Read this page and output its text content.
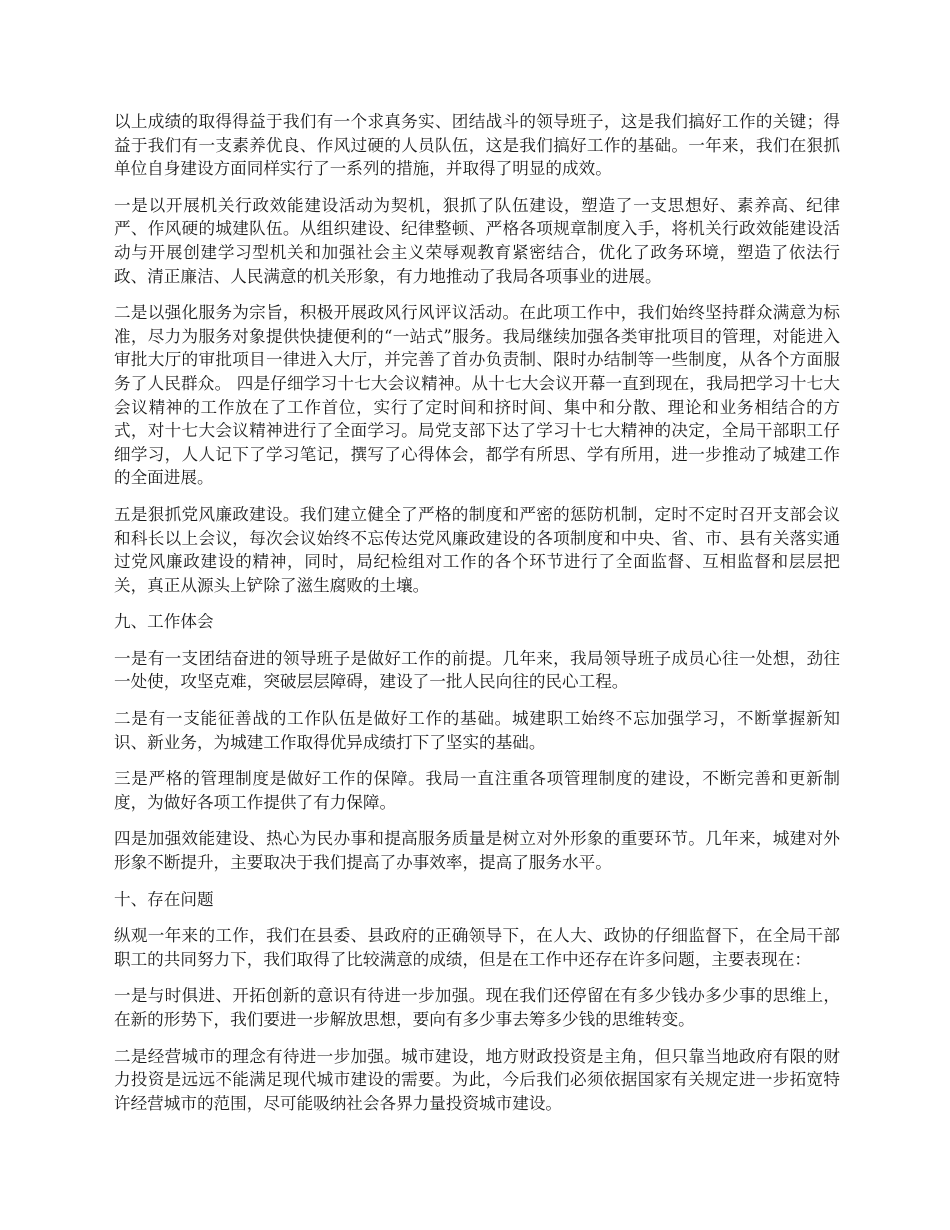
以上成绩的取得得益于我们有一个求真务实、团结战斗的领导班子，这是我们搞好工作的关键；得益于我们有一支素养优良、作风过硬的人员队伍，这是我们搞好工作的基础。一年来，我们在狠抓单位自身建设方面同样实行了一系列的措施，并取得了明显的成效。

一是以开展机关行政效能建设活动为契机，狠抓了队伍建设，塑造了一支思想好、素养高、纪律严、作风硬的城建队伍。从组织建设、纪律整顿、严格各项规章制度入手，将机关行政效能建设活动与开展创建学习型机关和加强社会主义荣辱观教育紧密结合，优化了政务环境，塑造了依法行政、清正廉洁、人民满意的机关形象，有力地推动了我局各项事业的进展。

二是以强化服务为宗旨，积极开展政风行风评议活动。在此项工作中，我们始终坚持群众满意为标准，尽力为服务对象提供快捷便利的“一站式”服务。我局继续加强各类审批项目的管理，对能进入审批大厅的审批项目一律进入大厅，并完善了首办负责制、限时办结制等一些制度，从各个方面服务了人民群众。 四是仔细学习十七大会议精神。从十七大会议开幕一直到现在，我局把学习十七大会议精神的工作放在了工作首位，实行了定时间和挤时间、集中和分散、理论和业务相结合的方式，对十七大会议精神进行了全面学习。局党支部下达了学习十七大精神的决定，全局干部职工仔细学习，人人记下了学习笔记，撰写了心得体会，都学有所思、学有所用，进一步推动了城建工作的全面进展。

五是狠抓党风廉政建设。我们建立健全了严格的制度和严密的惩防机制，定时不定时召开支部会议和科长以上会议，每次会议始终不忘传达党风廉政建设的各项制度和中央、省、市、县有关落实通过党风廉政建设的精神，同时，局纪检组对工作的各个环节进行了全面监督、互相监督和层层把关，真正从源头上铲除了滋生腐败的土壤。

九、工作体会

一是有一支团结奋进的领导班子是做好工作的前提。几年来，我局领导班子成员心往一处想，劲往一处使，攻坚克难，突破层层障碍，建设了一批人民向往的民心工程。

二是有一支能征善战的工作队伍是做好工作的基础。城建职工始终不忘加强学习，不断掌握新知识、新业务，为城建工作取得优异成绩打下了坚实的基础。

三是严格的管理制度是做好工作的保障。我局一直注重各项管理制度的建设，不断完善和更新制度，为做好各项工作提供了有力保障。

四是加强效能建设、热心为民办事和提高服务质量是树立对外形象的重要环节。几年来，城建对外形象不断提升，主要取决于我们提高了办事效率，提高了服务水平。

十、存在问题

纵观一年来的工作，我们在县委、县政府的正确领导下，在人大、政协的仔细监督下，在全局干部职工的共同努力下，我们取得了比较满意的成绩，但是在工作中还存在许多问题，主要表现在：

一是与时俱进、开拓创新的意识有待进一步加强。现在我们还停留在有多少钱办多少事的思维上，在新的形势下，我们要进一步解放思想，要向有多少事去筹多少钱的思维转变。

二是经营城市的理念有待进一步加强。城市建设，地方财政投资是主角，但只靠当地政府有限的财力投资是远远不能满足现代城市建设的需要。为此，今后我们必须依据国家有关规定进一步拓宽特许经营城市的范围，尽可能吸纳社会各界力量投资城市建设。
